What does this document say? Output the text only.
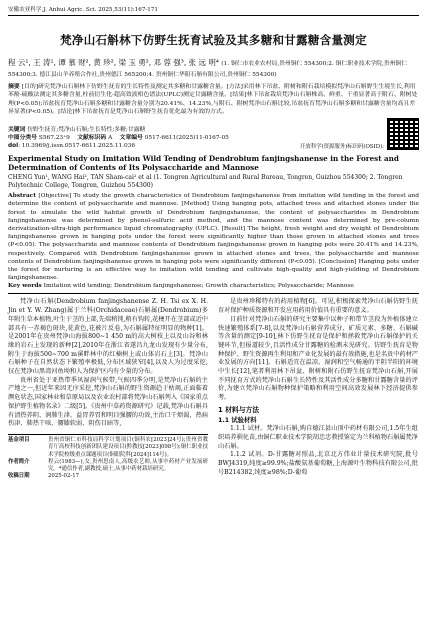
安徽农业科学,J. Anhui Agric. Sci. 2025,53(11):167-171
梵净山石斛林下仿野生抚育试验及其多糖和甘露糖含量测定
程 云¹, 王 涛¹, 谭 慕 财², 黄 珍², 梁 玉 勇², 邓 蓉 强³, 张 远 明⁴ (1. 铜仁市农业农村局,贵州铜仁 554300;2. 铜仁职业技术学院,贵州铜仁 554300;3. 德江县山羊养殖合作社,贵州德江 565200;4. 贵州铜仁华阳石斛有限公司,贵州铜仁 554300)
摘要 [目的]研究梵净山石斛林下仿野生抚育的生长特性及测定其多糖和甘露糖含量。[方法]采用林下吊盆、附树和附石栽培模拟梵净山石斛野生生境生长,利用苯酚-硫酸法测定其多糖含量,柱前衍生化-超高效液相色谱法(UPLC)测定甘露糖含量。[结果]林下吊盆栽培梵净山石斛株高、鲜重、干重显著高于附石、附树处理(P<0.05);吊盆抚育梵净山石斛多糖和甘露糖含量分别为20.41%、14.23%,与附石、附树梵净山石斛比较,吊盆抚育梵净山石斛多糖和甘露糖含量均高且差异显著(P<0.05)。[结论]林下吊盆抚育是梵净山石斛野生抚育优化最为有效的方式。
关键词 仿野生抚育;梵净山石斛;生长特性;多糖;甘露糖
中图分类号 S567.23⁺9 文献标识码 A 文章编号 0517-6611(2025)11-0167-05
doi: 10.3969/j.issn.0517-6611.2025.11.036	开放科学(资源服务)标识码(OSID):
Experimental Study on Imitation Wild Tending of Dendrobium fanjingshanense in the Forest and Determination of Contents of Its Polysaccharide and Mannose
CHENG Yun¹, WANG Hai², TAN Sham-cai² et al (1. Tongren Agricultural and Rural Bureau, Tongren, Guizhou 554300; 2. Tongren Polytechnic College, Tongren, Guizhou 554300)
Abstract [Objective] To study the growth characteristics of Dendrobium fanjingshanense from imitation wild tending in the forest and determine the content of polysaccharide and mannose. [Method] Using hanging pots, attached trees and attached stones under the forest to simulate the wild habitat growth of Dendrobium fanjingshanense, the content of polysaccharides in Dendrobium fanjingshanense was determined by phenol-sulfuric acid method, and the mannose content was determined by pre-column derivatization-ultra-high performance liquid chromatography (UPLC). [Result] The height, fresh weight and dry weight of Dendrobium fanjingshanense grown in hanging pots under the forest were significantly higher than those grown in attached stones and trees (P<0.05). The polysaccharide and mannose contents of Dendrobium fanjingshanense grown in hanging pots were 20.41% and 14.23%, respectively. Compared with Dendrobium fanjingshanense grown in attached stones and trees, the polysaccharide and mannose contents of Dendrobium fanjingshanense grown in hanging pots were significantly different (P<0.05). [Conclusion] Hanging pots under the forest for nurturing is an effective way to imitation wild tending and cultivate high-quality and high-yielding of Dendrobium fanjingshanense.
Key words Imitation wild tending; Dendrobium fanjingshanense; Growth characteristics; Polysaccharide; Mannose

梵净山石斛(Dendrobium fanjingshanense Z. H. Tsi ex X. H. Jin et Y. W. Zhang)属于兰科(Orchidaceae)石斛属(Dendrobium)多年附生草本植物,叶生于茎的上部,先端稍钝,稍有钩转,花梗开在茎部或近中部具有一赤褐色斑块,花黄色,花被片反卷,为石斛属特征明显的物种[1]。是2001年在贵州梵净山海拔800~1 450 m的高大树枝上以及山谷和林缘的岩石上发现的新种[2],2010年在浙江省遂昌九龙山发现有少量分布,附生于海拔500~700 m溪畔林中的红楠树上或山体岩石上[3]。梵净山石斛种子在自然状态下繁殖率极低,分布区域狭窄[4],以及人为过度采挖,仅在梵净山黑湾河鱼坳和人为保护区内有少量的分布。

贵州省处于亚热带季风湿润气候带,气候四季分明,是梵净山石斛的主产地之一,但近年来因无序采挖,梵净山石斛的野生资源趋于枯竭,正面临着濒危状态,国家林业和草原局以及农业农村部将梵净山石斛列入《国家重点保护野生植物名录》二级[5]。《贵州中草药资源研究》记载,梵净山石斛具有清热养阴、润肺生津、益胃养胃和明目强腰的功效,主治口干烦渴、热病伤津、肺热干咳、腰膝软弱、阴伤目暗等,

基金项目	贵州省铜仁市科技局科学计划项目(铜科农[2023]24号);贵州省教育厅高校科技创新团队建设项目(黔教技[2023]098号);铜仁职业技术学院校级重点课题项目(铜职院科[2024]114号)。
作者简介	程云(1983—),女,贵州思南人,高级农艺师,从事中药材产业发展研究。*通信作者,副教授,硕士,从事中药材栽培研究。
收稿日期	2025-02-17

是贵州珍稀特有的药用植物[6]。可见,积极探索梵净山石斛仿野生抚育对保护种质资源和开发应用药用价值具有重要的意义。

目前针对梵净山石斛的研究主要集中以种子和带节茎段为外植体建立快速繁殖体系[7-8],以及梵净山石斛营养成分、矿质元素、多糖、石斛碱等含量的测定[9-10],林下仿野生抚育是保护和拯救梵净山石斛保护的关键环节,但报道较少,且活性成分甘露糖的检测未见研究。仿野生抚育是物种保护、野生资源再生利用和产业化发展的最有效措施,也是名贵中药材产业发展的方向[11]。石斛适宜在温凉、湿润和空气畅通的半阴半阳的环境中生长[12],笔者利用林下吊盆、附树和附石仿野生抚育梵净山石斛,开展不同抚育方式的梵净山石斛生长特性及其活性成分多糖和甘露糖含量的评价,为建立梵净山石斛物种保护策略和利用空间高效发展林下经济提供参考。

1 材料与方法
1.1 试验材料

1.1.1 试材。梵净山石斛,购自德江县山顶中药材有限公司,1.5年生组织培养驯化苗,由铜仁职业技术学院胡忠忠教授鉴定为兰科植物石斛属梵净山石斛。

1.1.2 试剂。D-甘露糖对照品,北京北方伟业计量技术研究院,批号BWJ4319,纯度≥99.9%;盐酸氨基葡萄糖,上海源叶生物科技有限公司,批号B214382,纯度≥98%;D-葡萄
